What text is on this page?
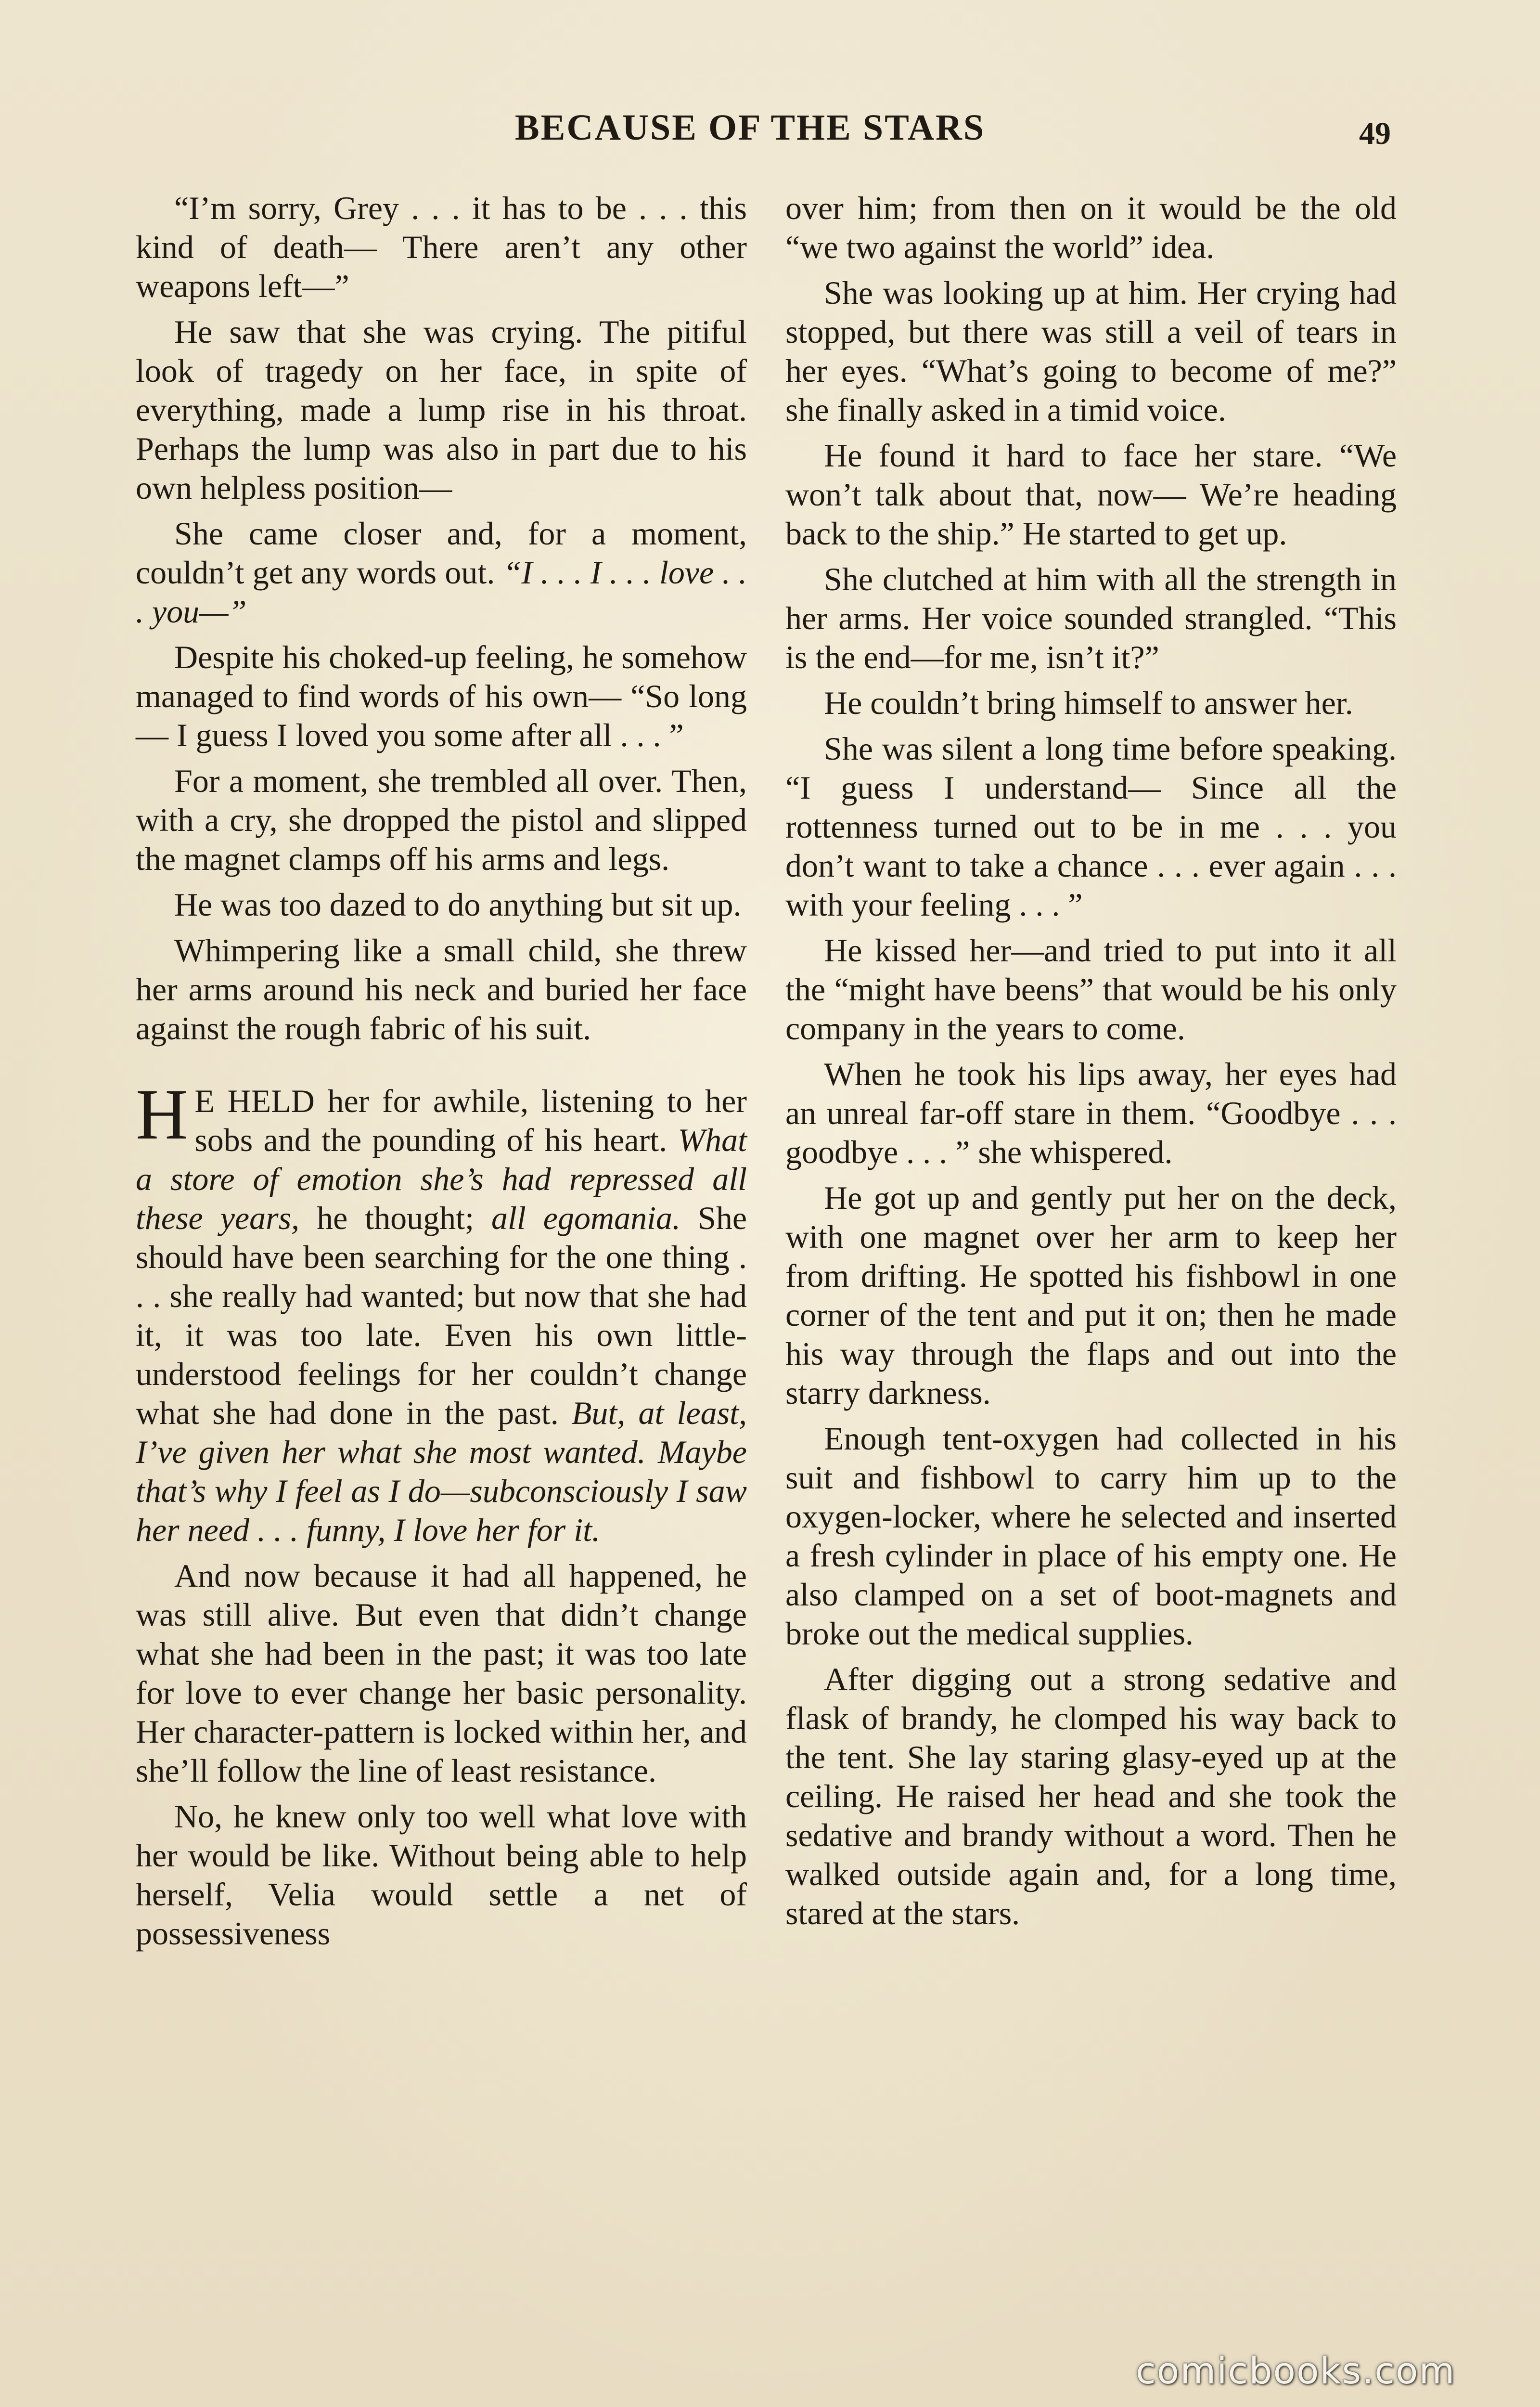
BECAUSE OF THE STARS	49

“I’m sorry, Grey . . . it has to be . . . this kind of death— There aren’t any other weapons left—”

He saw that she was crying. The pitiful look of tragedy on her face, in spite of everything, made a lump rise in his throat. Perhaps the lump was also in part due to his own helpless position—

She came closer and, for a moment, couldn’t get any words out. “I . . . I . . . love . . . you—”

Despite his choked-up feeling, he somehow managed to find words of his own— “So long— I guess I loved you some after all . . . ”

For a moment, she trembled all over. Then, with a cry, she dropped the pistol and slipped the magnet clamps off his arms and legs.

He was too dazed to do anything but sit up.

Whimpering like a small child, she threw her arms around his neck and buried her face against the rough fabric of his suit.

H E HELD her for awhile, listening to her sobs and the pounding of his heart. What a store of emotion she’s had repressed all these years, he thought; all egomania. She should have been searching for the one thing . . . she really had wanted; but now that she had it, it was too late. Even his own little-understood feelings for her couldn’t change what she had done in the past. But, at least, I’ve given her what she most wanted. Maybe that’s why I feel as I do—subconsciously I saw her need . . . funny, I love her for it.

And now because it had all happened, he was still alive. But even that didn’t change what she had been in the past; it was too late for love to ever change her basic personality. Her character-pattern is locked within her, and she’ll follow the line of least resistance.

No, he knew only too well what love with her would be like. Without being able to help herself, Velia would settle a net of possessiveness

over him; from then on it would be the old “we two against the world” idea.

She was looking up at him. Her crying had stopped, but there was still a veil of tears in her eyes. “What’s going to become of me?” she finally asked in a timid voice.

He found it hard to face her stare. “We won’t talk about that, now— We’re heading back to the ship.” He started to get up.

She clutched at him with all the strength in her arms. Her voice sounded strangled. “This is the end—for me, isn’t it?”

He couldn’t bring himself to answer her.

She was silent a long time before speaking. “I guess I understand— Since all the rottenness turned out to be in me . . . you don’t want to take a chance . . . ever again . . . with your feeling . . . ”

He kissed her—and tried to put into it all the “might have beens” that would be his only company in the years to come.

When he took his lips away, her eyes had an unreal far-off stare in them. “Goodbye . . . goodbye . . . ” she whispered.

He got up and gently put her on the deck, with one magnet over her arm to keep her from drifting. He spotted his fishbowl in one corner of the tent and put it on; then he made his way through the flaps and out into the starry darkness.

Enough tent-oxygen had collected in his suit and fishbowl to carry him up to the oxygen-locker, where he selected and inserted a fresh cylinder in place of his empty one. He also clamped on a set of boot-magnets and broke out the medical supplies.

After digging out a strong sedative and flask of brandy, he clomped his way back to the tent. She lay staring glasy-eyed up at the ceiling. He raised her head and she took the sedative and brandy without a word. Then he walked outside again and, for a long time, stared at the stars.

comicbooks.com
